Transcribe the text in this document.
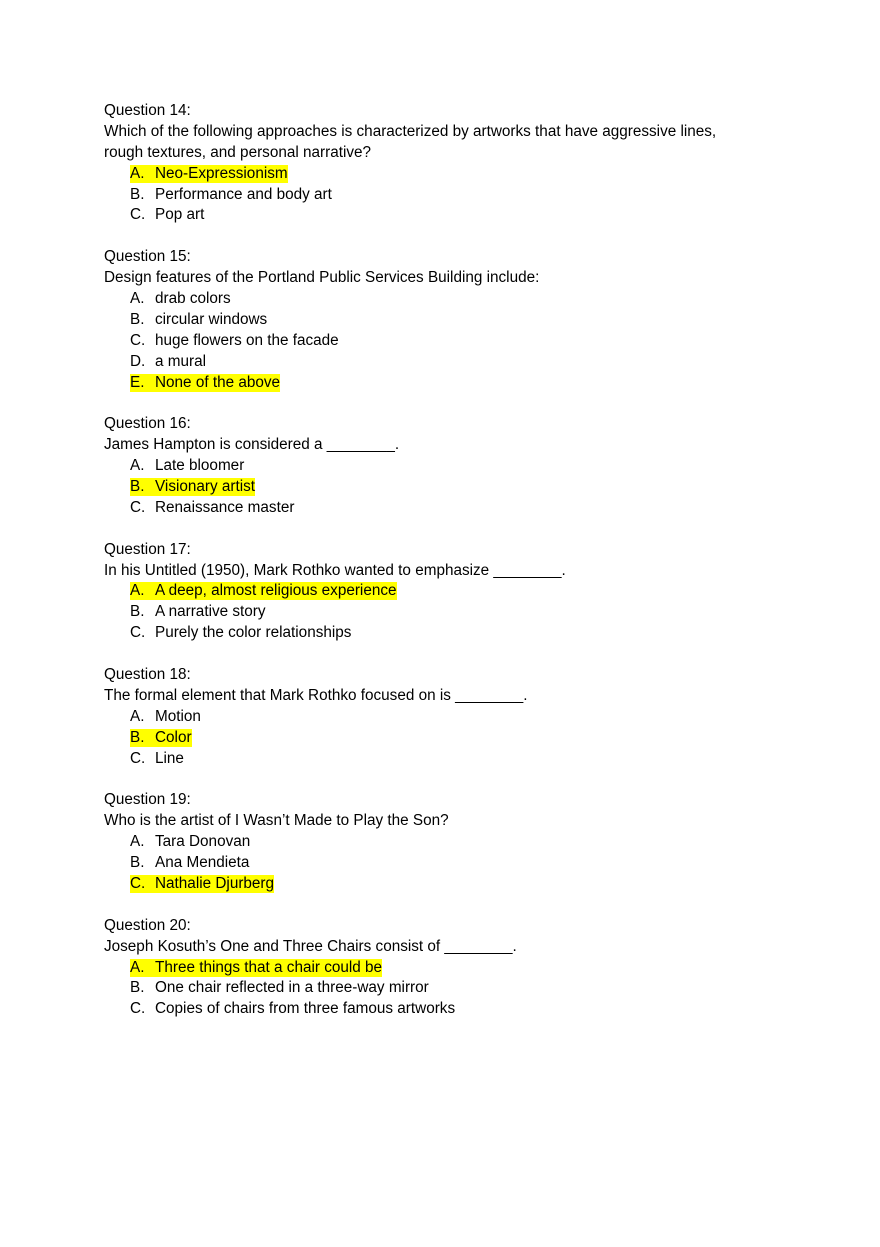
Question 14:
Which of the following approaches is characterized by artworks that have aggressive lines,
rough textures, and personal narrative?
A. Neo-Expressionism
B. Performance and body art
C. Pop art
Question 15:
Design features of the Portland Public Services Building include:
A. drab colors
B. circular windows
C. huge flowers on the facade
D. a mural
E. None of the above
Question 16:
James Hampton is considered a ________.
A. Late bloomer
B. Visionary artist
C. Renaissance master
Question 17:
In his Untitled (1950), Mark Rothko wanted to emphasize ________.
A. A deep, almost religious experience
B. A narrative story
C. Purely the color relationships
Question 18:
The formal element that Mark Rothko focused on is ________.
A. Motion
B. Color
C. Line
Question 19:
Who is the artist of I Wasn’t Made to Play the Son?
A. Tara Donovan
B. Ana Mendieta
C. Nathalie Djurberg
Question 20:
Joseph Kosuth’s One and Three Chairs consist of ________.
A. Three things that a chair could be
B. One chair reflected in a three-way mirror
C. Copies of chairs from three famous artworks
